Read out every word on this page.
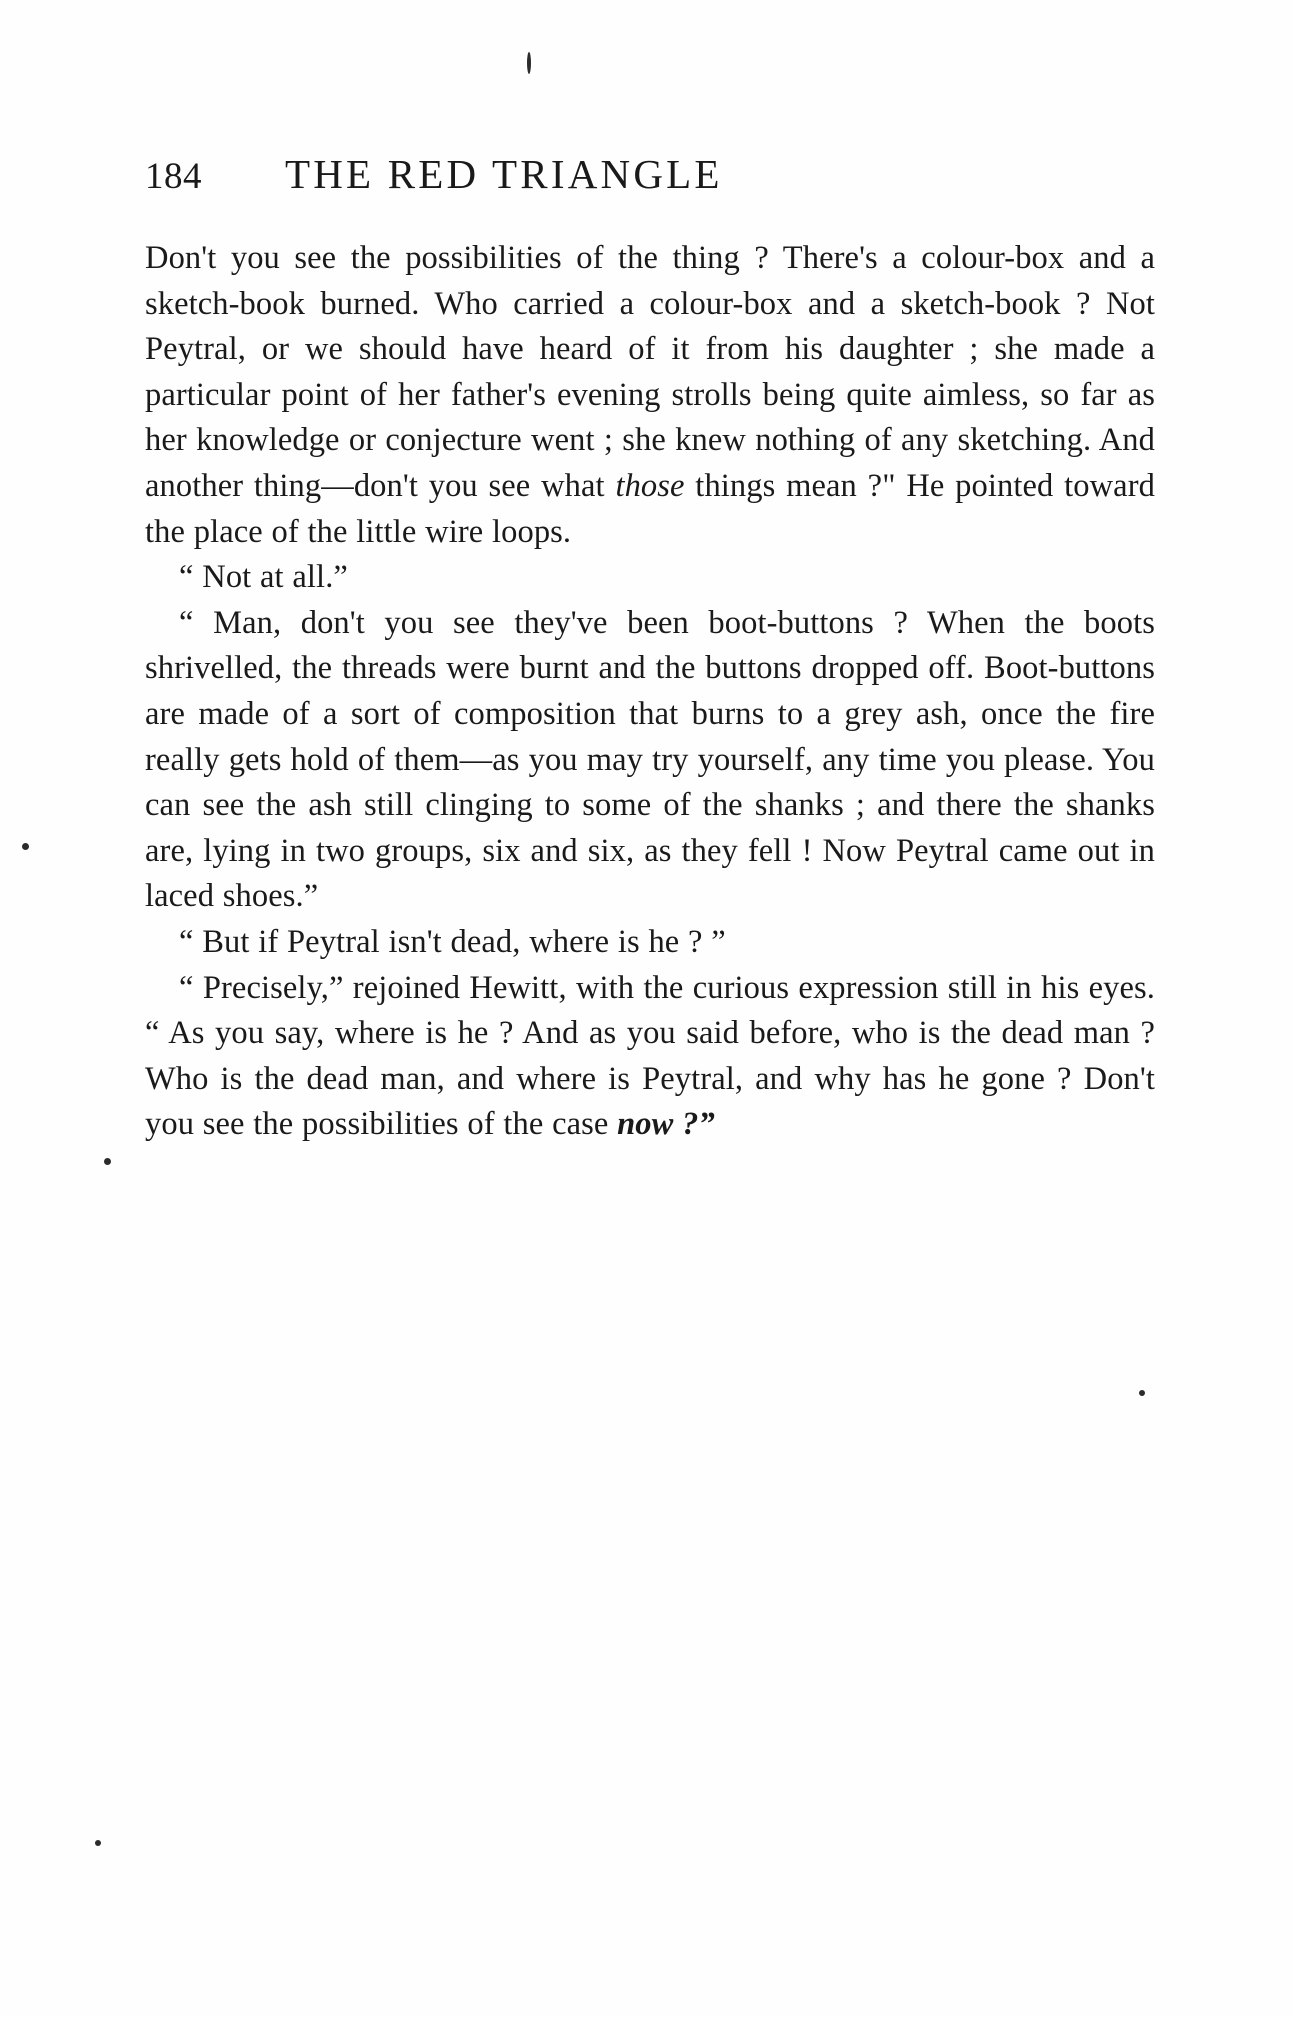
184	THE RED TRIANGLE

Don't you see the possibilities of the thing ? There's a colour-box and a sketch-book burned. Who carried a colour-box and a sketch-book ? Not Peytral, or we should have heard of it from his daughter ; she made a particular point of her father's evening strolls being quite aimless, so far as her knowledge or conjecture went ; she knew nothing of any sketching. And another thing—don't you see what those things mean ?" He pointed toward the place of the little wire loops.

“ Not at all.”

“ Man, don't you see they've been boot-buttons ? When the boots shrivelled, the threads were burnt and the buttons dropped off. Boot-buttons are made of a sort of composition that burns to a grey ash, once the fire really gets hold of them—as you may try yourself, any time you please. You can see the ash still clinging to some of the shanks ; and there the shanks are, lying in two groups, six and six, as they fell ! Now Peytral came out in laced shoes.”

“ But if Peytral isn't dead, where is he ? ”

“ Precisely,” rejoined Hewitt, with the curious expression still in his eyes. “ As you say, where is he ? And as you said before, who is the dead man ? Who is the dead man, and where is Peytral, and why has he gone ? Don't you see the possibilities of the case now ?”
